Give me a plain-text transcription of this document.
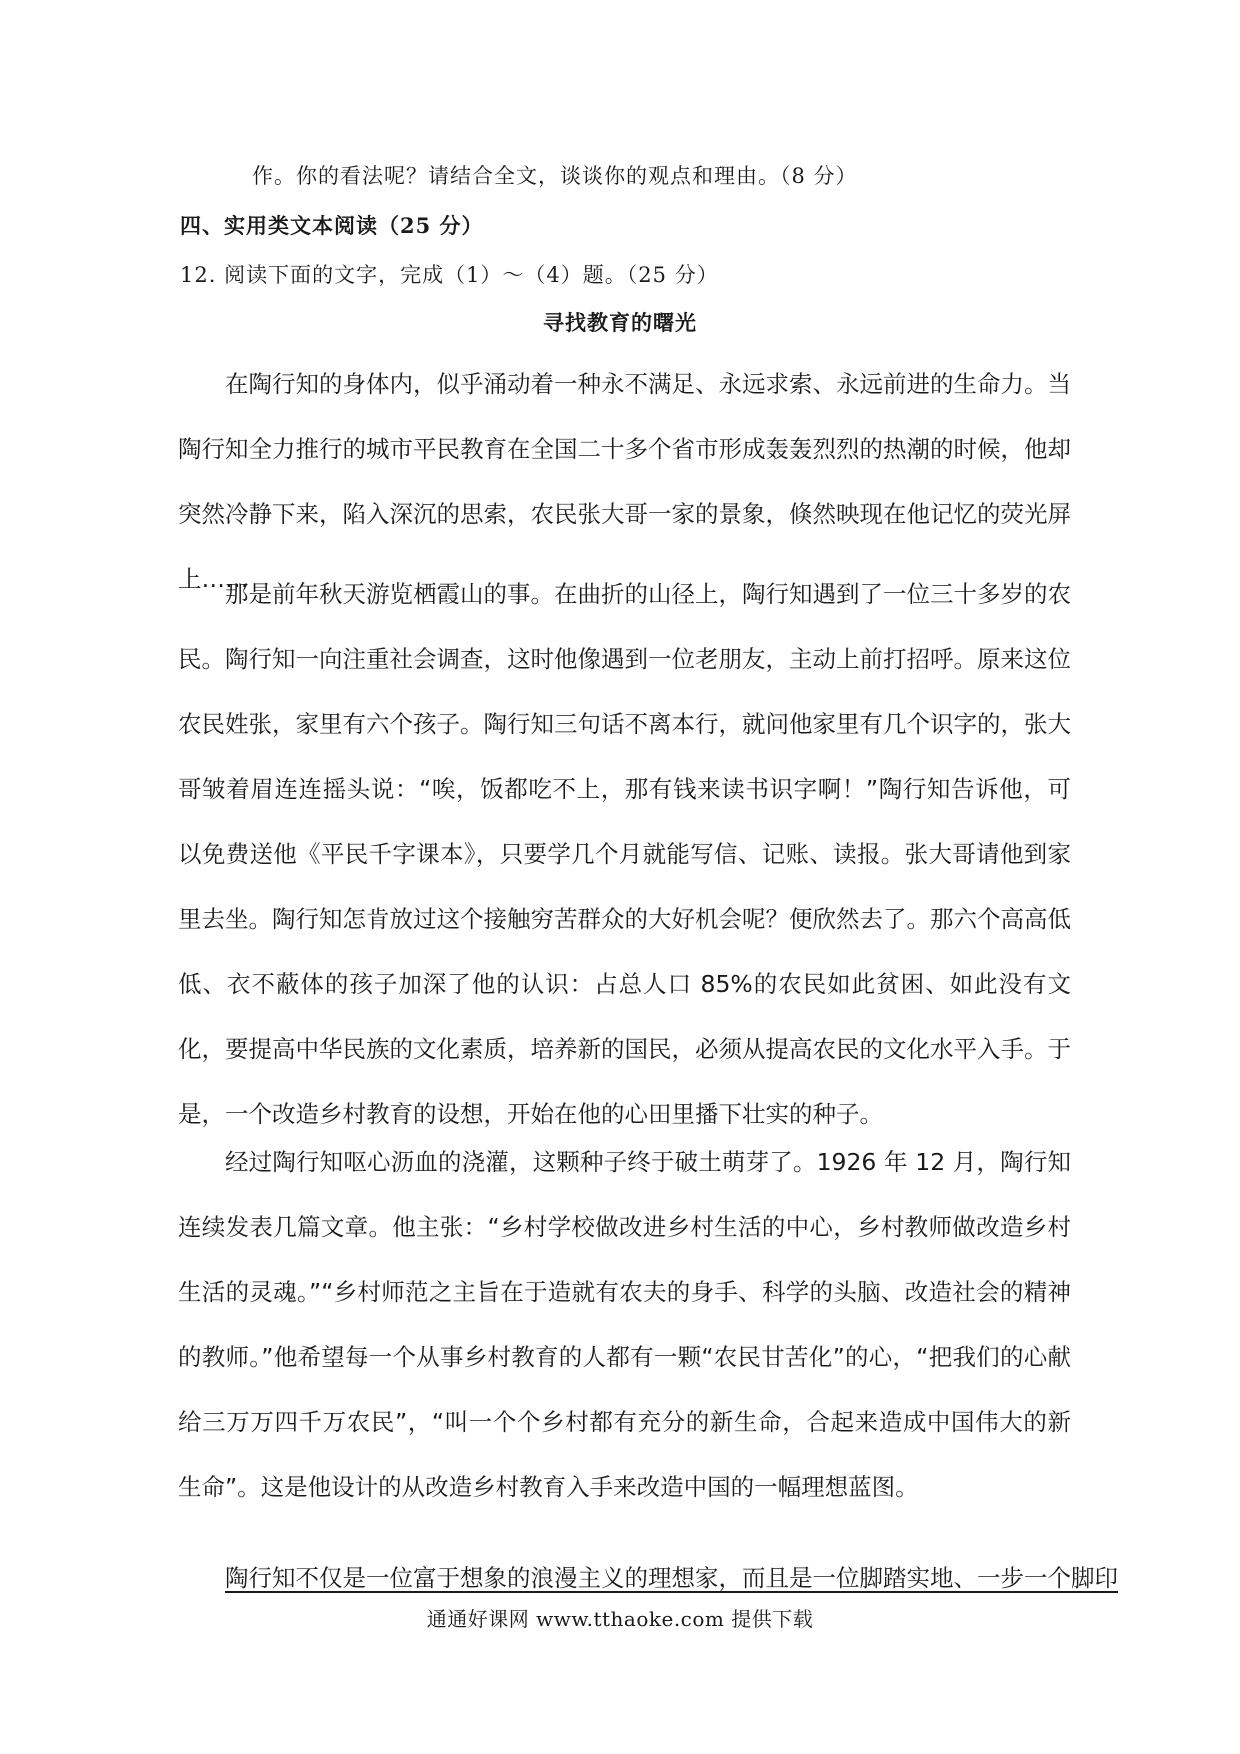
作。你的看法呢？请结合全文，谈谈你的观点和理由。（8 分）
四、实用类文本阅读（25 分）
12. 阅读下面的文字，完成（1）～（4）题。（25 分）
寻找教育的曙光

在陶行知的身体内，似乎涌动着一种永不满足、永远求索、永远前进的生命力。当陶行知全力推行的城市平民教育在全国二十多个省市形成轰轰烈烈的热潮的时候，他却突然冷静下来，陷入深沉的思索，农民张大哥一家的景象，倏然映现在他记忆的荧光屏上……

那是前年秋天游览栖霞山的事。在曲折的山径上，陶行知遇到了一位三十多岁的农民。陶行知一向注重社会调查，这时他像遇到一位老朋友，主动上前打招呼。原来这位农民姓张，家里有六个孩子。陶行知三句话不离本行，就问他家里有几个识字的，张大哥皱着眉连连摇头说：“唉，饭都吃不上，那有钱来读书识字啊！”陶行知告诉他，可以免费送他《平民千字课本》，只要学几个月就能写信、记账、读报。张大哥请他到家里去坐。陶行知怎肯放过这个接触穷苦群众的大好机会呢？便欣然去了。那六个高高低低、衣不蔽体的孩子加深了他的认识：占总人口 85%的农民如此贫困、如此没有文化，要提高中华民族的文化素质，培养新的国民，必须从提高农民的文化水平入手。于是，一个改造乡村教育的设想，开始在他的心田里播下壮实的种子。

经过陶行知呕心沥血的浇灌，这颗种子终于破土萌芽了。1926 年 12 月，陶行知连续发表几篇文章。他主张：“乡村学校做改进乡村生活的中心，乡村教师做改造乡村生活的灵魂。”“乡村师范之主旨在于造就有农夫的身手、科学的头脑、改造社会的精神的教师。”他希望每一个从事乡村教育的人都有一颗“农民甘苦化”的心，“把我们的心献给三万万四千万农民”，“叫一个个乡村都有充分的新生命，合起来造成中国伟大的新生命”。这是他设计的从改造乡村教育入手来改造中国的一幅理想蓝图。

陶行知不仅是一位富于想象的浪漫主义的理想家，而且是一位脚踏实地、一步一个脚印

通通好课网 www.tthaoke.com 提供下载
